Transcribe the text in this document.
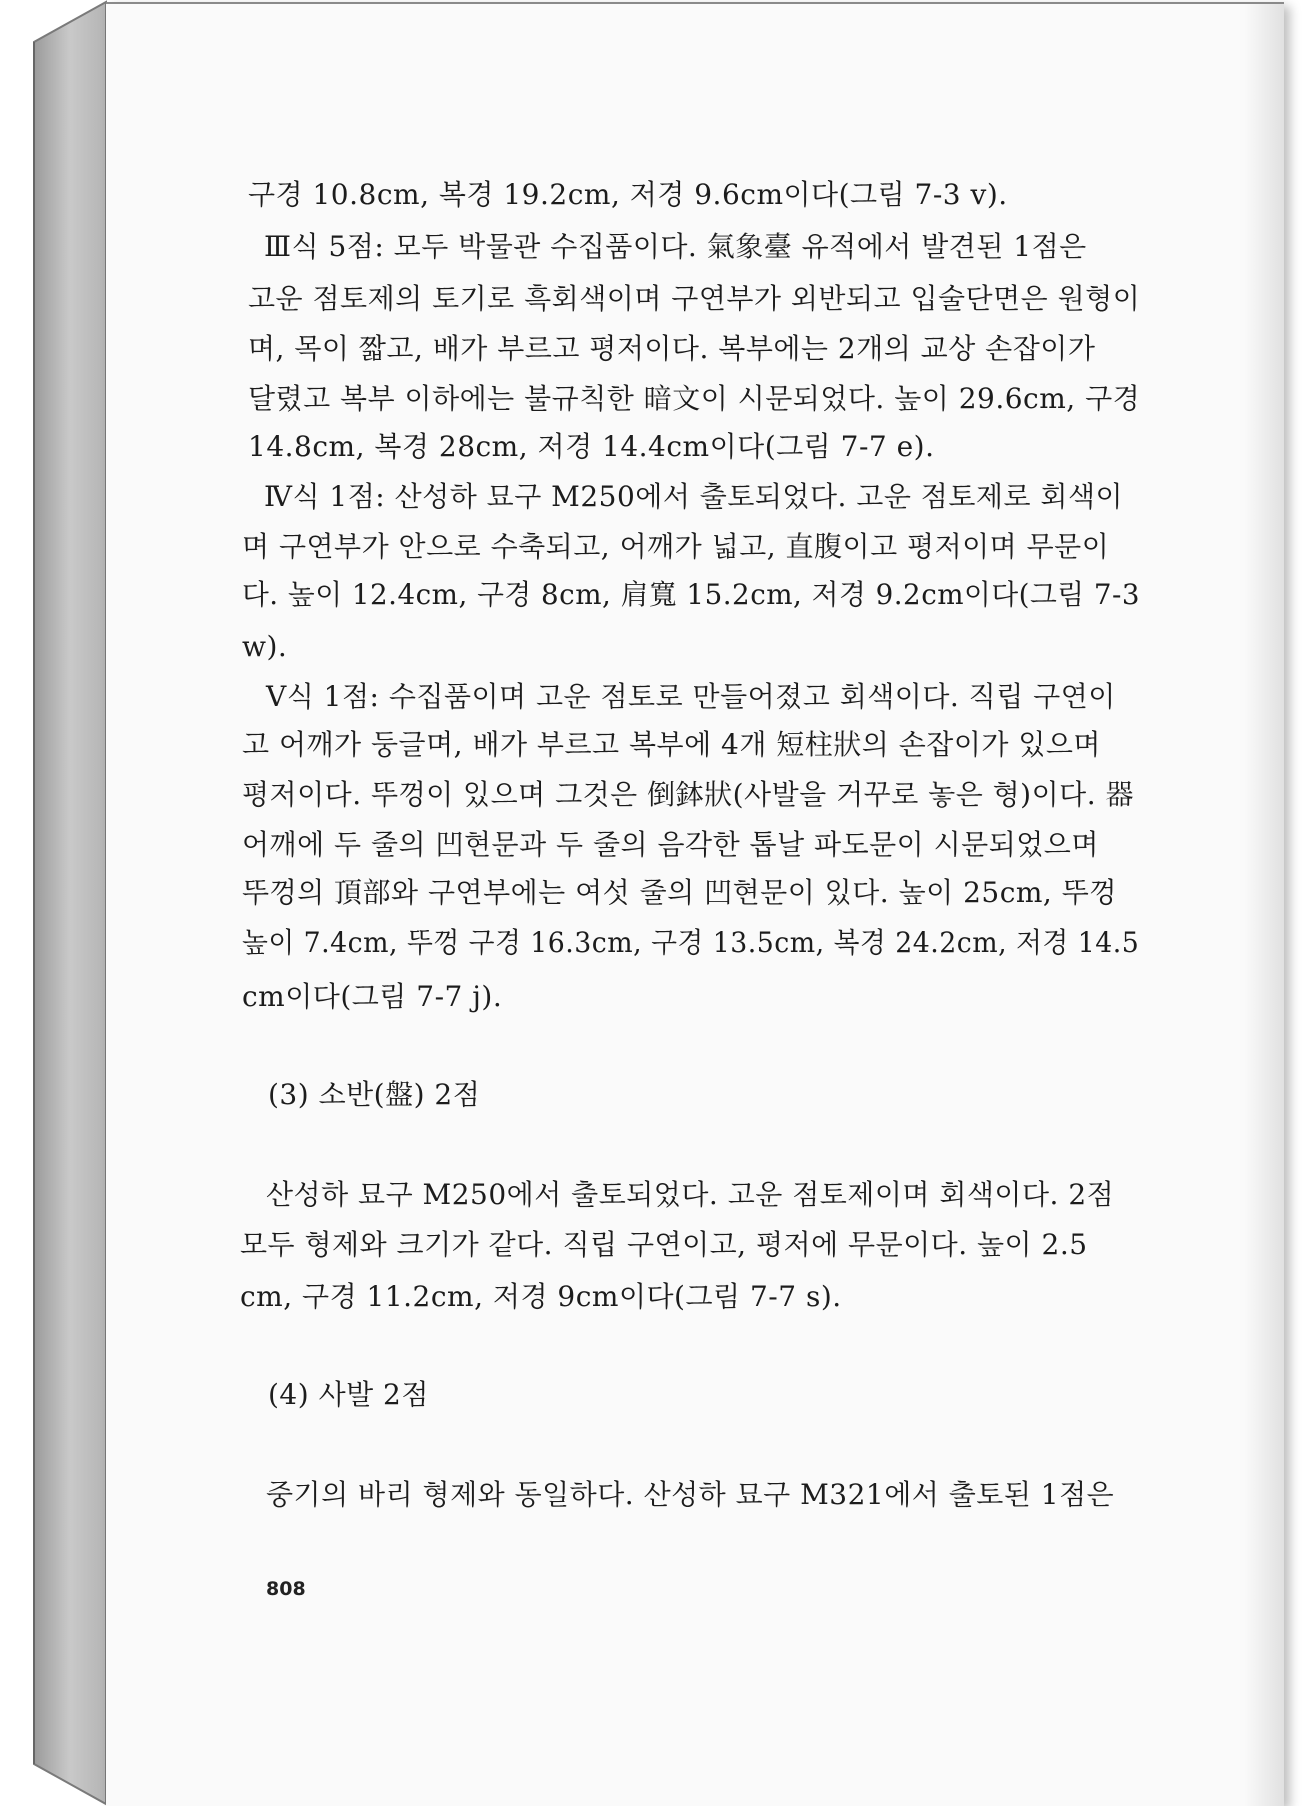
구경 10.8cm, 복경 19.2cm, 저경 9.6cm이다(그림 7-3 v).
Ⅲ식 5점: 모두 박물관 수집품이다. 氣象臺 유적에서 발견된 1점은
고운 점토제의 토기로 흑회색이며 구연부가 외반되고 입술단면은 원형이
며, 목이 짧고, 배가 부르고 평저이다. 복부에는 2개의 교상 손잡이가
달렸고 복부 이하에는 불규칙한 暗文이 시문되었다. 높이 29.6cm, 구경
14.8cm, 복경 28cm, 저경 14.4cm이다(그림 7-7 e).
Ⅳ식 1점: 산성하 묘구 M250에서 출토되었다. 고운 점토제로 회색이
며 구연부가 안으로 수축되고, 어깨가 넓고, 直腹이고 평저이며 무문이
다. 높이 12.4cm, 구경 8cm, 肩寬 15.2cm, 저경 9.2cm이다(그림 7-3
w).
Ⅴ식 1점: 수집품이며 고운 점토로 만들어졌고 회색이다. 직립 구연이
고 어깨가 둥글며, 배가 부르고 복부에 4개 短柱狀의 손잡이가 있으며
평저이다. 뚜껑이 있으며 그것은 倒鉢狀(사발을 거꾸로 놓은 형)이다. 器
어깨에 두 줄의 凹현문과 두 줄의 음각한 톱날 파도문이 시문되었으며
뚜껑의 頂部와 구연부에는 여섯 줄의 凹현문이 있다. 높이 25cm, 뚜껑
높이 7.4cm, 뚜껑 구경 16.3cm, 구경 13.5cm, 복경 24.2cm, 저경 14.5
cm이다(그림 7-7 j).
(3) 소반(盤) 2점
산성하 묘구 M250에서 출토되었다. 고운 점토제이며 회색이다. 2점
모두 형제와 크기가 같다. 직립 구연이고, 평저에 무문이다. 높이 2.5
cm, 구경 11.2cm, 저경 9cm이다(그림 7-7 s).
(4) 사발 2점
중기의 바리 형제와 동일하다. 산성하 묘구 M321에서 출토된 1점은
808
